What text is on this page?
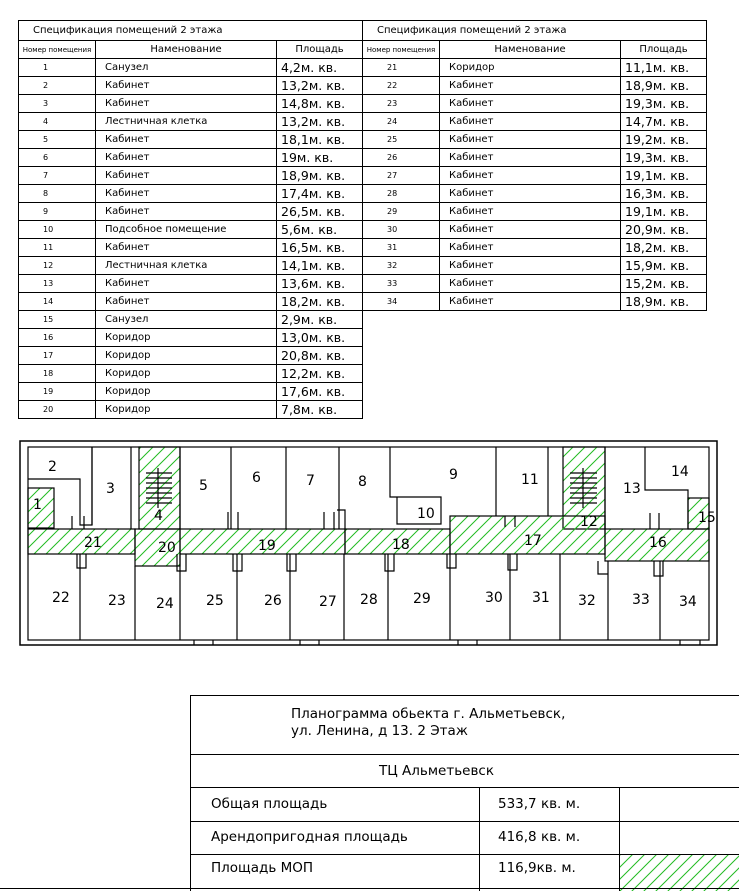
Спецификация помещений 2 этажа		
Номер помещения	Наменование	Площадь
1	Санузел	4,2м. кв.
2	Кабинет	13,2м. кв.
3	Кабинет	14,8м. кв.
4	Лестничная клетка	13,2м. кв.
5	Кабинет	18,1м. кв.
6	Кабинет	19м. кв.
7	Кабинет	18,9м. кв.
8	Кабинет	17,4м. кв.
9	Кабинет	26,5м. кв.
10	Подсобное помещение	5,6м. кв.
11	Кабинет	16,5м. кв.
12	Лестничная клетка	14,1м. кв.
13	Кабинет	13,6м. кв.
14	Кабинет	18,2м. кв.
15	Санузел	2,9м. кв.
16	Коридор	13,0м. кв.
17	Коридор	20,8м. кв.
18	Коридор	12,2м. кв.
19	Коридор	17,6м. кв.
20	Коридор	7,8м. кв.
Спецификация помещений 2 этажа		
Номер помещения	Наменование	Площадь
21	Коридор	11,1м. кв.
22	Кабинет	18,9м. кв.
23	Кабинет	19,3м. кв.
24	Кабинет	14,7м. кв.
25	Кабинет	19,2м. кв.
26	Кабинет	19,3м. кв.
27	Кабинет	19,1м. кв.
28	Кабинет	16,3м. кв.
29	Кабинет	19,1м. кв.
30	Кабинет	20,9м. кв.
31	Кабинет	18,2м. кв.
32	Кабинет	15,9м. кв.
33	Кабинет	15,2м. кв.
34	Кабинет	18,9м. кв.
1
2
3
4
5	6	7	8	9
10
11
12
13
14
15
16
17
18
19
20
21
22	23 24 25	26	27 28	29	30 31 32	33 34
Планограмма обьекта г. Альметьевск,
ул. Ленина, д 13. 2 Этаж
ТЦ Альметьевск
Общая площадь	533,7 кв. м.
Арендопригодная площадь	416,8 кв. м.
Площадь МОП	116,9кв. м.
